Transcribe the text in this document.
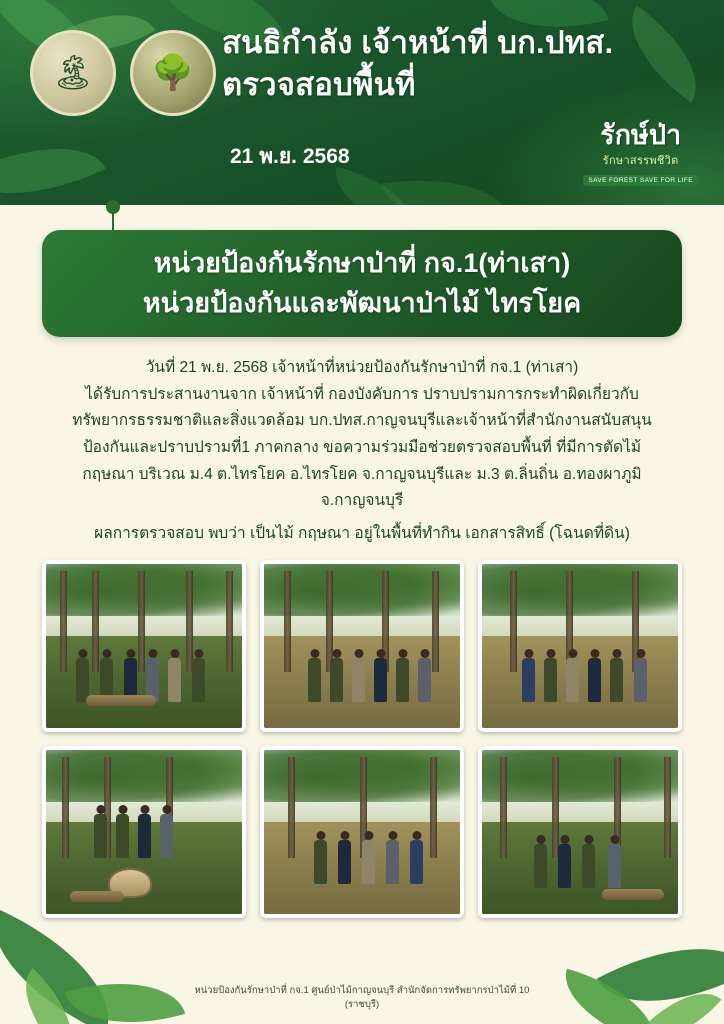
🏝 🌳
สนธิกำลัง เจ้าหน้าที่ บก.ปทส. ตรวจสอบพื้นที่
21 พ.ย. 2568
รักษ์ป่า
รักษาสรรพชีวิต
SAVE FOREST SAVE FOR LIFE
หน่วยป้องกันรักษาป่าที่ กจ.1(ท่าเสา)
หน่วยป้องกันและพัฒนาป่าไม้ ไทรโยค

วันที่ 21 พ.ย. 2568 เจ้าหน้าที่หน่วยป้องกันรักษาป่าที่ กจ.1 (ท่าเสา)

ได้รับการประสานงานจาก เจ้าหน้าที่ กองบังคับการ ปราบปรามการกระทำผิดเกี่ยวกับ

ทรัพยากรธรรมชาติและสิ่งแวดล้อม บก.ปทส.กาญจนบุรีและเจ้าหน้าที่สำนักงานสนับสนุน

ป้องกันและปราบปรามที่1 ภาคกลาง ขอความร่วมมือช่วยตรวจสอบพื้นที่ ที่มีการตัดไม้

กฤษณา บริเวณ ม.4 ต.ไทรโยค อ.ไทรโยค จ.กาญจนบุรีและ ม.3 ต.ลิ่นถิ่น อ.ทองผาภูมิ

จ.กาญจนบุรี

ผลการตรวจสอบ พบว่า เป็นไม้ กฤษณา อยู่ในพื้นที่ทำกิน เอกสารสิทธิ์ (โฉนดที่ดิน)

หน่วยป้องกันรักษาป่าที่ กจ.1 ศูนย์ป่าไม้กาญจนบุรี สำนักจัดการทรัพยากรป่าไม้ที่ 10
(ราชบุรี)
